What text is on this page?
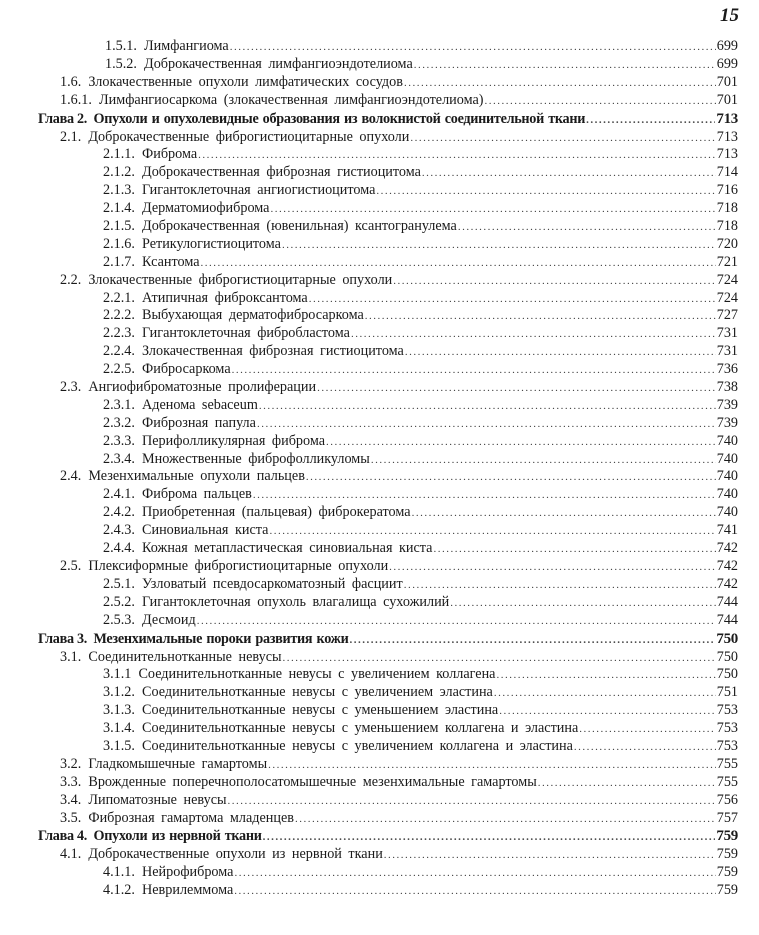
15
1.5.1.
Лимфангиома .....	699
1.5.2.
Доброкачественная лимфангиоэндотелиома .....	699
1.6.
Злокачественные опухоли лимфатических сосудов .....	701
1.6.1.
Лимфангиосаркома (злокачественная лимфангиоэндотелиома) .....	701
Глава 2.
Опухоли и опухолевидные образования из волокнистой соединительной ткани .....	713
2.1.
Доброкачественные фиброгистиоцитарные опухоли .....	713
2.1.1.
Фиброма .....	713
2.1.2.
Доброкачественная фиброзная гистиоцитома .....	714
2.1.3.
Гигантоклеточная ангиогистиоцитома .....	716
2.1.4.
Дерматомиофиброма .....	718
2.1.5.
Доброкачественная (ювенильная) ксантогранулема .....	718
2.1.6.
Ретикулогистиоцитома .....	720
2.1.7.
Ксантома .....	721
2.2.
Злокачественные фиброгистиоцитарные опухоли .....	724
2.2.1.
Атипичная фиброксантома .....	724
2.2.2.
Выбухающая дерматофибросаркома .....	727
2.2.3.
Гигантоклеточная фибробластома .....	731
2.2.4.
Злокачественная фиброзная гистиоцитома .....	731
2.2.5.
Фибросаркома .....	736
2.3.
Ангиофиброматозные пролиферации .....	738
2.3.1.
Аденома sebaceum .....	739
2.3.2.
Фиброзная папула .....	739
2.3.3.
Перифолликулярная фиброма .....	740
2.3.4.
Множественные фиброфолликуломы .....	740
2.4.
Мезенхимальные опухоли пальцев .....	740
2.4.1.
Фиброма пальцев .....	740
2.4.2.
Приобретенная (пальцевая) фиброкератома .....	740
2.4.3.
Синовиальная киста .....	741
2.4.4.
Кожная метапластическая синовиальная киста .....	742
2.5.
Плексиформные фиброгистиоцитарные опухоли .....	742
2.5.1.
Узловатый псевдосаркоматозный фасциит .....	742
2.5.2.
Гигантоклеточная опухоль влагалища сухожилий .....	744
2.5.3.
Десмоид .....	744
Глава 3.
Мезенхимальные пороки развития кожи .....	750
3.1.
Соединительнотканные невусы .....	750
3.1.1
Соединительнотканные невусы с увеличением коллагена .....	750
3.1.2.
Соединительнотканные невусы с увеличением эластина .....	751
3.1.3.
Соединительнотканные невусы с уменьшением эластина .....	753
3.1.4.
Соединительнотканные невусы с уменьшением коллагена и эластина .....	753
3.1.5.
Соединительнотканные невусы с увеличением коллагена и эластина .....	753
3.2.
Гладкомышечные гамартомы .....	755
3.3.
Врожденные поперечнополосатомышечные мезенхимальные гамартомы .....	755
3.4.
Липоматозные невусы .....	756
3.5.
Фиброзная гамартома младенцев .....	757
Глава 4.
Опухоли из нервной ткани .....	759
4.1.
Доброкачественные опухоли из нервной ткани .....	759
4.1.1.
Нейрофиброма .....	759
4.1.2.
Неврилеммома .....	759
